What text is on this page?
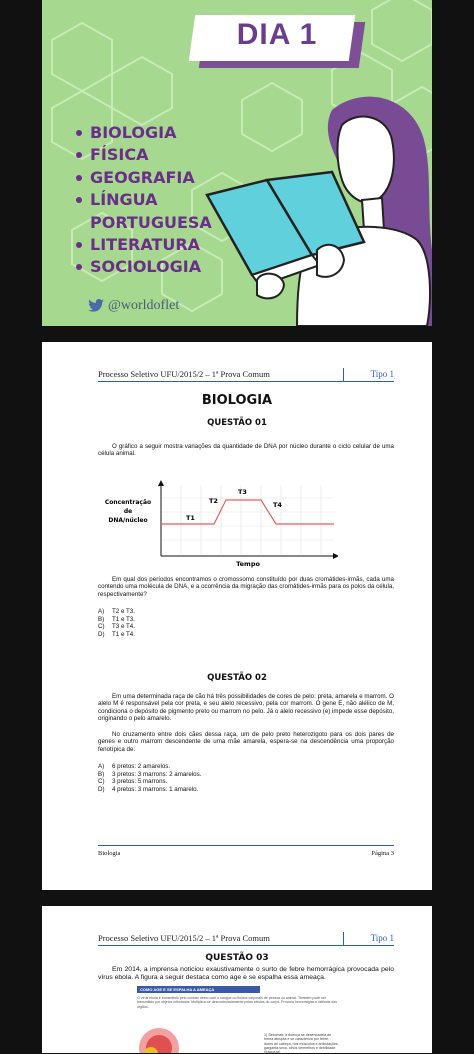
DIA 1
BIOLOGIA
FÍSICA
GEOGRAFIA
LÍNGUA
PORTUGUESA
LITERATURA
SOCIOLOGIA
@worldoflet
Processo Seletivo UFU/2015/2 – 1ª Prova Comum	Tipo 1
BIOLOGIA
QUESTÃO 01

O gráfico a seguir mostra variações da quantidade de DNA por núcleo durante o ciclo celular de uma célula animal.

T1
T2
T3
T4
Concentração
de
DNA/núcleo
Tempo

Em qual dos períodos encontramos o cromossomo constituído por duas cromátides-irmãs, cada uma contendo uma molécula de DNA, e a ocorrência da migração das cromátides-irmãs para os polos da célula, respectivamente?

A) T2 e T3.
B) T1 e T3.
C) T3 e T4.
D) T1 e T4.
QUESTÃO 02

Em uma determinada raça de cão há três possibilidades de cores de pelo: preta, amarela e marrom. O alelo M é responsável pela cor preta, e seu alelo recessivo, pela cor marrom. O gene E, não alélico de M, condiciona o depósito de pigmento preto ou marrom no pelo. Já o alelo recessivo (e) impede esse depósito, originando o pelo amarelo.

No cruzamento entre dois cães dessa raça, um de pelo preto heterozigoto para os dois pares de genes e outro marrom descendente de uma mãe amarela, espera-se na descendência uma proporção fenotípica de:

A) 6 pretos: 2 amarelos.
B) 3 pretos: 3 marrons: 2 amarelos.
C) 3 pretos: 5 marrons.
D) 4 pretos: 3 marrons: 1 amarelo.
Biologia	Página 3
Processo Seletivo UFU/2015/2 – 1ª Prova Comum	Tipo 1
QUESTÃO 03

Em 2014, a imprensa noticiou exaustivamente o surto de febre hemorrágica provocada pelo vírus ebola. A figura a seguir destaca como age e se espalha essa ameaça.

COMO AGE E SE ESPALHA A AMEAÇA
O vírus ebola é transmitido pelo contato direto com o sangue ou fluidos corporais de pessoa ou animal. Também pode ser transmitido por objetos infectados. Multiplica-se descontroladamente pelas células do corpo. Provoca hemorragias e falência dos órgãos.
1) Sintomas: a doença se desencadeia de forma abrupta e se caracteriza por febre, dores de cabeça, nos músculos e articulações, garganta seca, olhos vermelhos e debilidade (fraqueza)
